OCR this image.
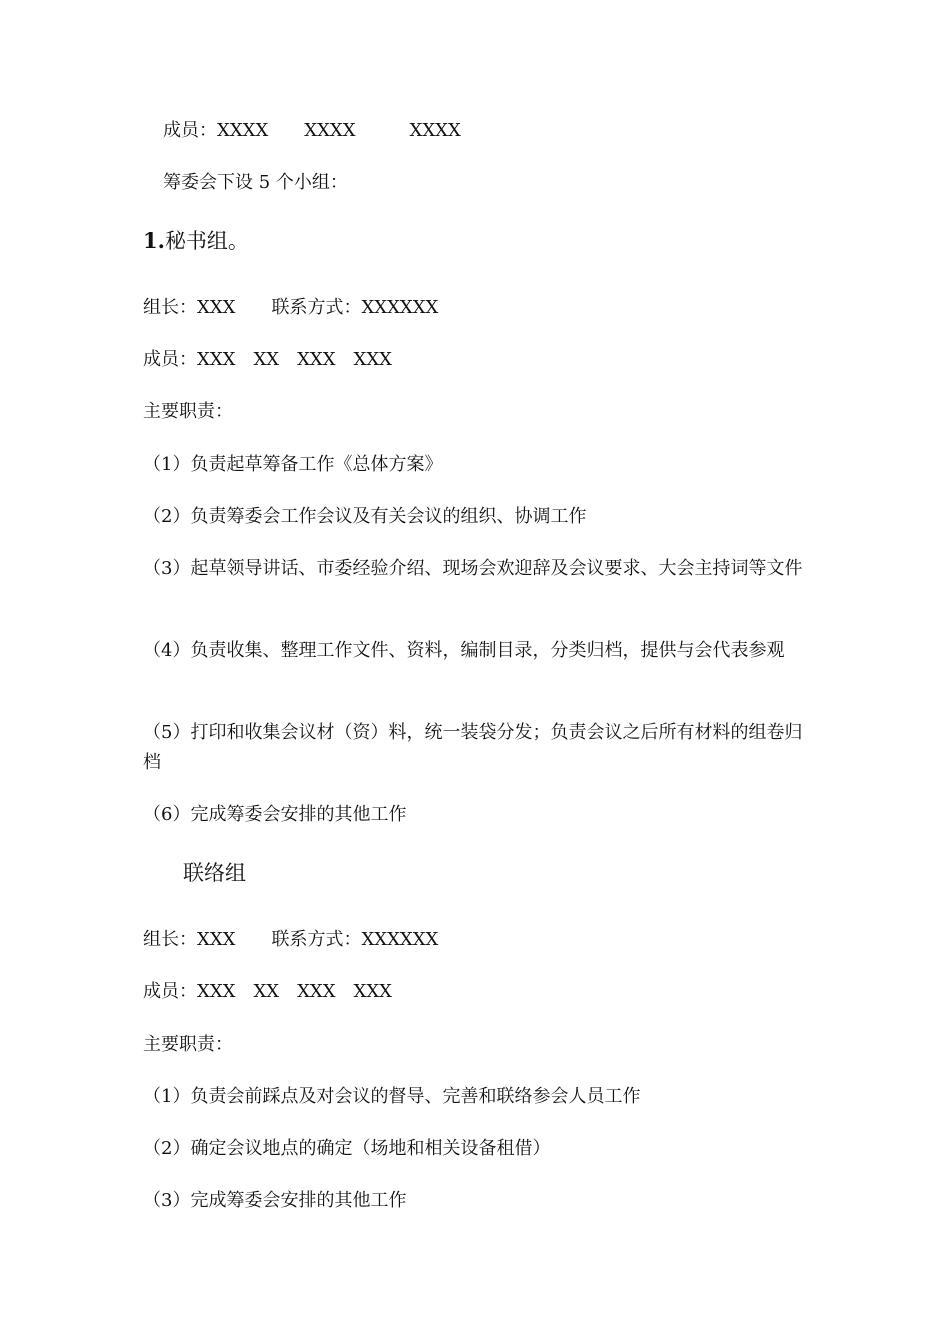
成员：XXXX　　XXXX　　　XXXX
筹委会下设 5 个小组：
1.秘书组。
组长：XXX　　联系方式：XXXXXX
成员：XXX　XX　XXX　XXX
主要职责：
（1）负责起草筹备工作《总体方案》
（2）负责筹委会工作会议及有关会议的组织、协调工作
（3）起草领导讲话、市委经验介绍、现场会欢迎辞及会议要求、大会主持词等文件
（4）负责收集、整理工作文件、资料，编制目录，分类归档，提供与会代表参观
（5）打印和收集会议材（资）料，统一装袋分发；负责会议之后所有材料的组卷归档
（6）完成筹委会安排的其他工作
联络组
组长：XXX　　联系方式：XXXXXX
成员：XXX　XX　XXX　XXX
主要职责：
（1）负责会前踩点及对会议的督导、完善和联络参会人员工作
（2）确定会议地点的确定（场地和相关设备租借）
（3）完成筹委会安排的其他工作
